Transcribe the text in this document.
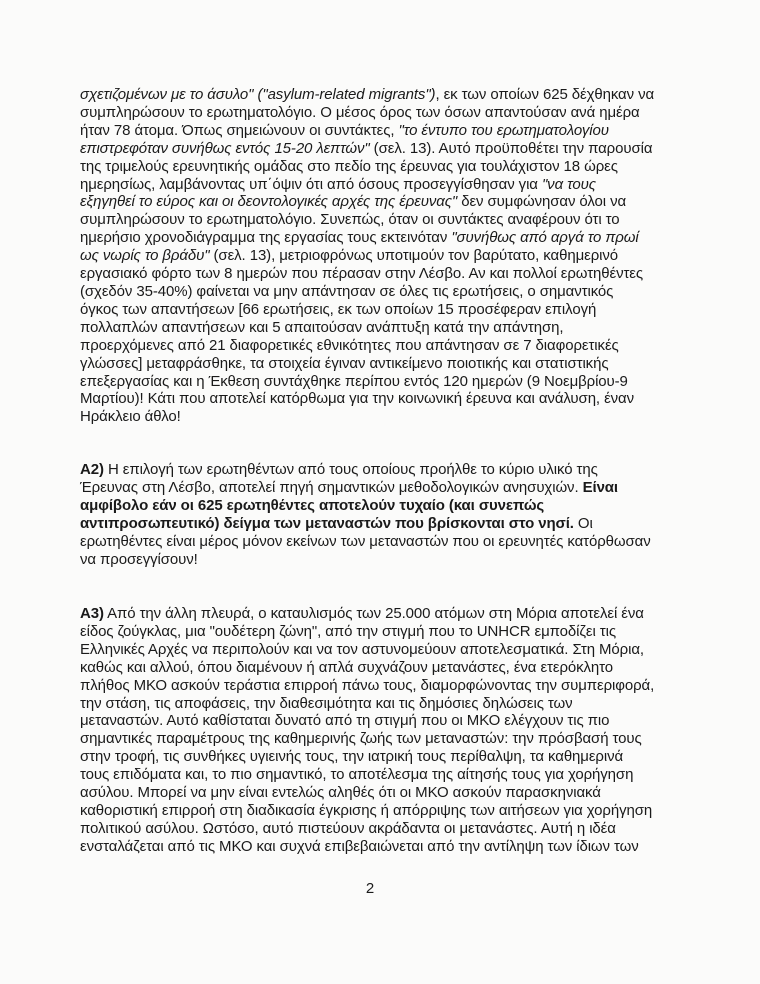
σχετιζομένων με το άσυλο" ("asylum-related migrants"), εκ των οποίων 625 δέχθηκαν να
συμπληρώσουν το ερωτηματολόγιο. Ο μέσος όρος των όσων απαντούσαν ανά ημέρα
ήταν 78 άτομα. Όπως σημειώνουν οι συντάκτες, "το έντυπο του ερωτηματολογίου
επιστρεφόταν συνήθως εντός 15-20 λεπτών" (σελ. 13). Αυτό προϋποθέτει την παρουσία
της τριμελούς ερευνητικής ομάδας στο πεδίο της έρευνας για τουλάχιστον 18 ώρες
ημερησίως, λαμβάνοντας υπ΄όψιν ότι από όσους προσεγγίσθησαν για "να τους
εξηγηθεί το εύρος και οι δεοντολογικές αρχές της έρευνας" δεν συμφώνησαν όλοι να
συμπληρώσουν το ερωτηματολόγιο. Συνεπώς, όταν οι συντάκτες αναφέρουν ότι το
ημερήσιο χρονοδιάγραμμα της εργασίας τους εκτεινόταν "συνήθως από αργά το πρωί
ως νωρίς το βράδυ" (σελ. 13), μετριοφρόνως υποτιμούν τον βαρύτατο, καθημερινό
εργασιακό φόρτο των 8 ημερών που πέρασαν στην Λέσβο. Αν και πολλοί ερωτηθέντες
(σχεδόν 35-40%) φαίνεται να μην απάντησαν σε όλες τις ερωτήσεις, ο σημαντικός
όγκος των απαντήσεων [66 ερωτήσεις, εκ των οποίων 15 προσέφεραν επιλογή
πολλαπλών απαντήσεων και 5 απαιτούσαν ανάπτυξη κατά την απάντηση,
προερχόμενες από 21 διαφορετικές εθνικότητες που απάντησαν σε 7 διαφορετικές
γλώσσες] μεταφράσθηκε, τα στοιχεία έγιναν αντικείμενο ποιοτικής και στατιστικής
επεξεργασίας και η Έκθεση συντάχθηκε περίπου εντός 120 ημερών (9 Νοεμβρίου-9
Μαρτίου)! Κάτι που αποτελεί κατόρθωμα για την κοινωνική έρευνα και ανάλυση, έναν
Ηράκλειο άθλο!
Α2) Η επιλογή των ερωτηθέντων από τους οποίους προήλθε το κύριο υλικό της
Έρευνας στη Λέσβο, αποτελεί πηγή σημαντικών μεθοδολογικών ανησυχιών. Είναι
αμφίβολο εάν οι 625 ερωτηθέντες αποτελούν τυχαίο (και συνεπώς
αντιπροσωπευτικό) δείγμα των μεταναστών που βρίσκονται στο νησί. Οι
ερωτηθέντες είναι μέρος μόνον εκείνων των μεταναστών που οι ερευνητές κατόρθωσαν
να προσεγγίσουν!
Α3) Από την άλλη πλευρά, ο καταυλισμός των 25.000 ατόμων στη Μόρια αποτελεί ένα
είδος ζούγκλας, μια "ουδέτερη ζώνη", από την στιγμή που το UNHCR εμποδίζει τις
Ελληνικές Αρχές να περιπολούν και να τον αστυνομεύουν αποτελεσματικά. Στη Μόρια,
καθώς και αλλού, όπου διαμένουν ή απλά συχνάζουν μετανάστες, ένα ετερόκλητο
πλήθος ΜΚΟ ασκούν τεράστια επιρροή πάνω τους, διαμορφώνοντας την συμπεριφορά,
την στάση, τις αποφάσεις, την διαθεσιμότητα και τις δημόσιες δηλώσεις των
μεταναστών. Αυτό καθίσταται δυνατό από τη στιγμή που οι ΜΚΟ ελέγχουν τις πιο
σημαντικές παραμέτρους της καθημερινής ζωής των μεταναστών: την πρόσβασή τους
στην τροφή, τις συνθήκες υγιεινής τους, την ιατρική τους περίθαλψη, τα καθημερινά
τους επιδόματα και, το πιο σημαντικό, το αποτέλεσμα της αίτησής τους για χορήγηση
ασύλου. Μπορεί να μην είναι εντελώς αληθές ότι οι ΜΚΟ ασκούν παρασκηνιακά
καθοριστική επιρροή στη διαδικασία έγκρισης ή απόρριψης των αιτήσεων για χορήγηση
πολιτικού ασύλου. Ωστόσο, αυτό πιστεύουν ακράδαντα οι μετανάστες. Αυτή η ιδέα
ενσταλάζεται από τις ΜΚΟ και συχνά επιβεβαιώνεται από την αντίληψη των ίδιων των
2
